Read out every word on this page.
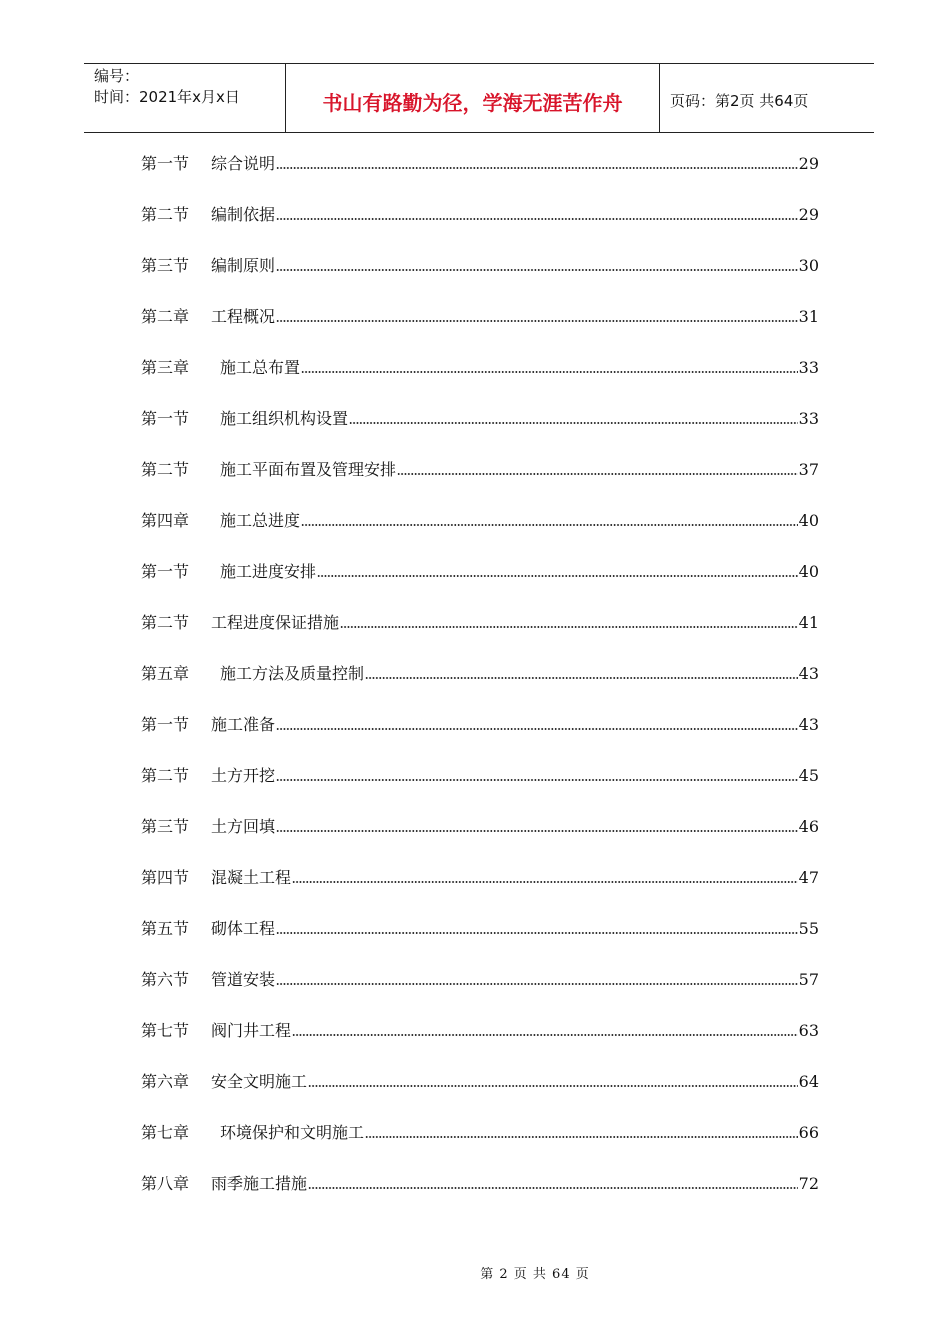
编号：
时间：2021年x月x日	书山有路勤为径，学海无涯苦作舟	页码：第2页 共64页
第一节	综合说明	29
第二节	编制依据	29
第三节	编制原则	30
第二章	工程概况	31
第三章	施工总布置	33
第一节	施工组织机构设置	33
第二节	施工平面布置及管理安排	37
第四章	施工总进度	40
第一节	施工进度安排	40
第二节	工程进度保证措施	41
第五章	施工方法及质量控制	43
第一节	施工准备	43
第二节	土方开挖	45
第三节	土方回填	46
第四节	混凝土工程	47
第五节	砌体工程	55
第六节	管道安装	57
第七节	阀门井工程	63
第六章	安全文明施工	64
第七章	环境保护和文明施工	66
第八章	雨季施工措施	72
第 2 页 共 64 页
